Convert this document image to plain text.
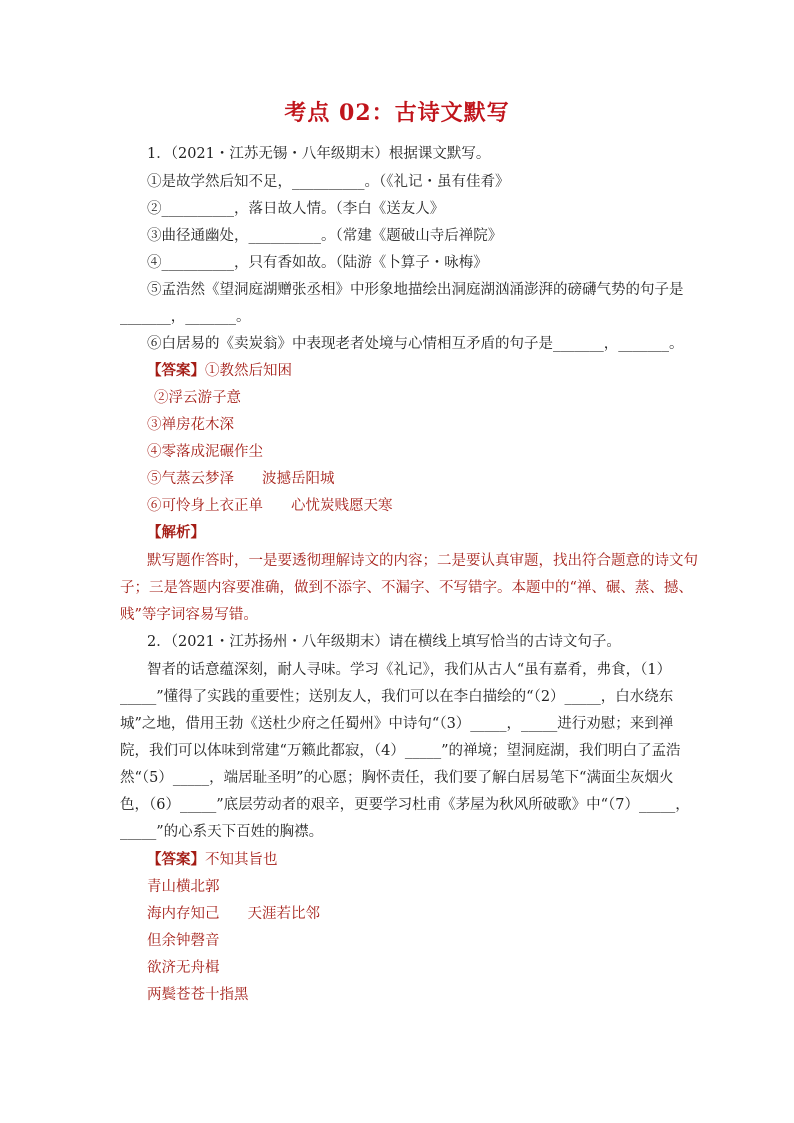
考点 02：古诗文默写
1．（2021・江苏无锡・八年级期末）根据课文默写。
①是故学然后知不足，__________。（《礼记・虽有佳肴》
②__________，落日故人情。（李白《送友人》
③曲径通幽处，__________。（常建《题破山寺后禅院》
④__________，只有香如故。（陆游《卜算子・咏梅》
⑤孟浩然《望洞庭湖赠张丞相》中形象地描绘出洞庭湖汹涌澎湃的磅礴气势的句子是
_______，_______。
⑥白居易的《卖炭翁》中表现老者处境与心情相互矛盾的句子是_______，_______。
【答案】①教然后知困
②浮云游子意
③禅房花木深
④零落成泥碾作尘
⑤气蒸云梦泽 波撼岳阳城
⑥可怜身上衣正单 心忧炭贱愿天寒
【解析】
默写题作答时，一是要透彻理解诗文的内容；二是要认真审题，找出符合题意的诗文句
子；三是答题内容要准确，做到不添字、不漏字、不写错字。本题中的“禅、碾、蒸、撼、
贱”等字词容易写错。
2．（2021・江苏扬州・八年级期末）请在横线上填写恰当的古诗文句子。
智者的话意蕴深刻，耐人寻味。学习《礼记》，我们从古人“虽有嘉肴，弗食，（1）
_____”懂得了实践的重要性；送别友人，我们可以在李白描绘的“（2）_____，白水绕东
城”之地，借用王勃《送杜少府之任蜀州》中诗句“（3）_____，_____进行劝慰；来到禅
院，我们可以体味到常建“万籁此都寂，（4）_____”的禅境；望洞庭湖，我们明白了孟浩
然“（5）_____，端居耻圣明”的心愿；胸怀责任，我们要了解白居易笔下“满面尘灰烟火
色，（6）_____”底层劳动者的艰辛，更要学习杜甫《茅屋为秋风所破歌》中“（7）_____，
_____”的心系天下百姓的胸襟。
【答案】不知其旨也
青山横北郭
海内存知己 天涯若比邻
但余钟磬音
欲济无舟楫
两鬓苍苍十指黑
